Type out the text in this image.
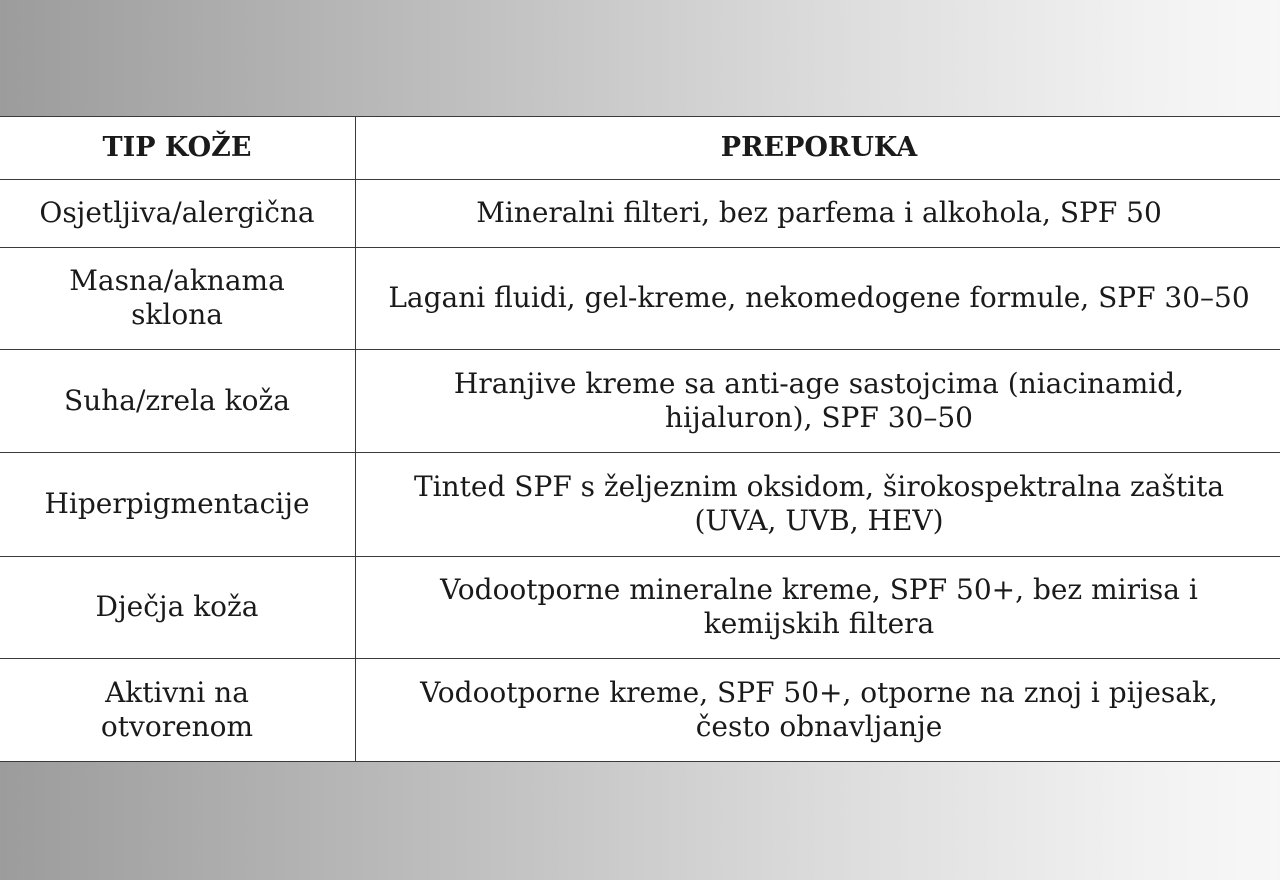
TIP KOŽE	PREPORUKA
Osjetljiva/alergična	Mineralni filteri, bez parfema i alkohola, SPF 50
Masna/aknama sklona	Lagani fluidi, gel-kreme, nekomedogene formule, SPF 30–50
Suha/zrela koža	Hranjive kreme sa anti-age sastojcima (niacinamid, hijaluron), SPF 30–50
Hiperpigmentacije	Tinted SPF s željeznim oksidom, širokospektralna zaštita (UVA, UVB, HEV)
Dječja koža	Vodootporne mineralne kreme, SPF 50+, bez mirisa i kemijskih filtera
Aktivni na otvorenom	Vodootporne kreme, SPF 50+, otporne na znoj i pijesak, često obnavljanje
